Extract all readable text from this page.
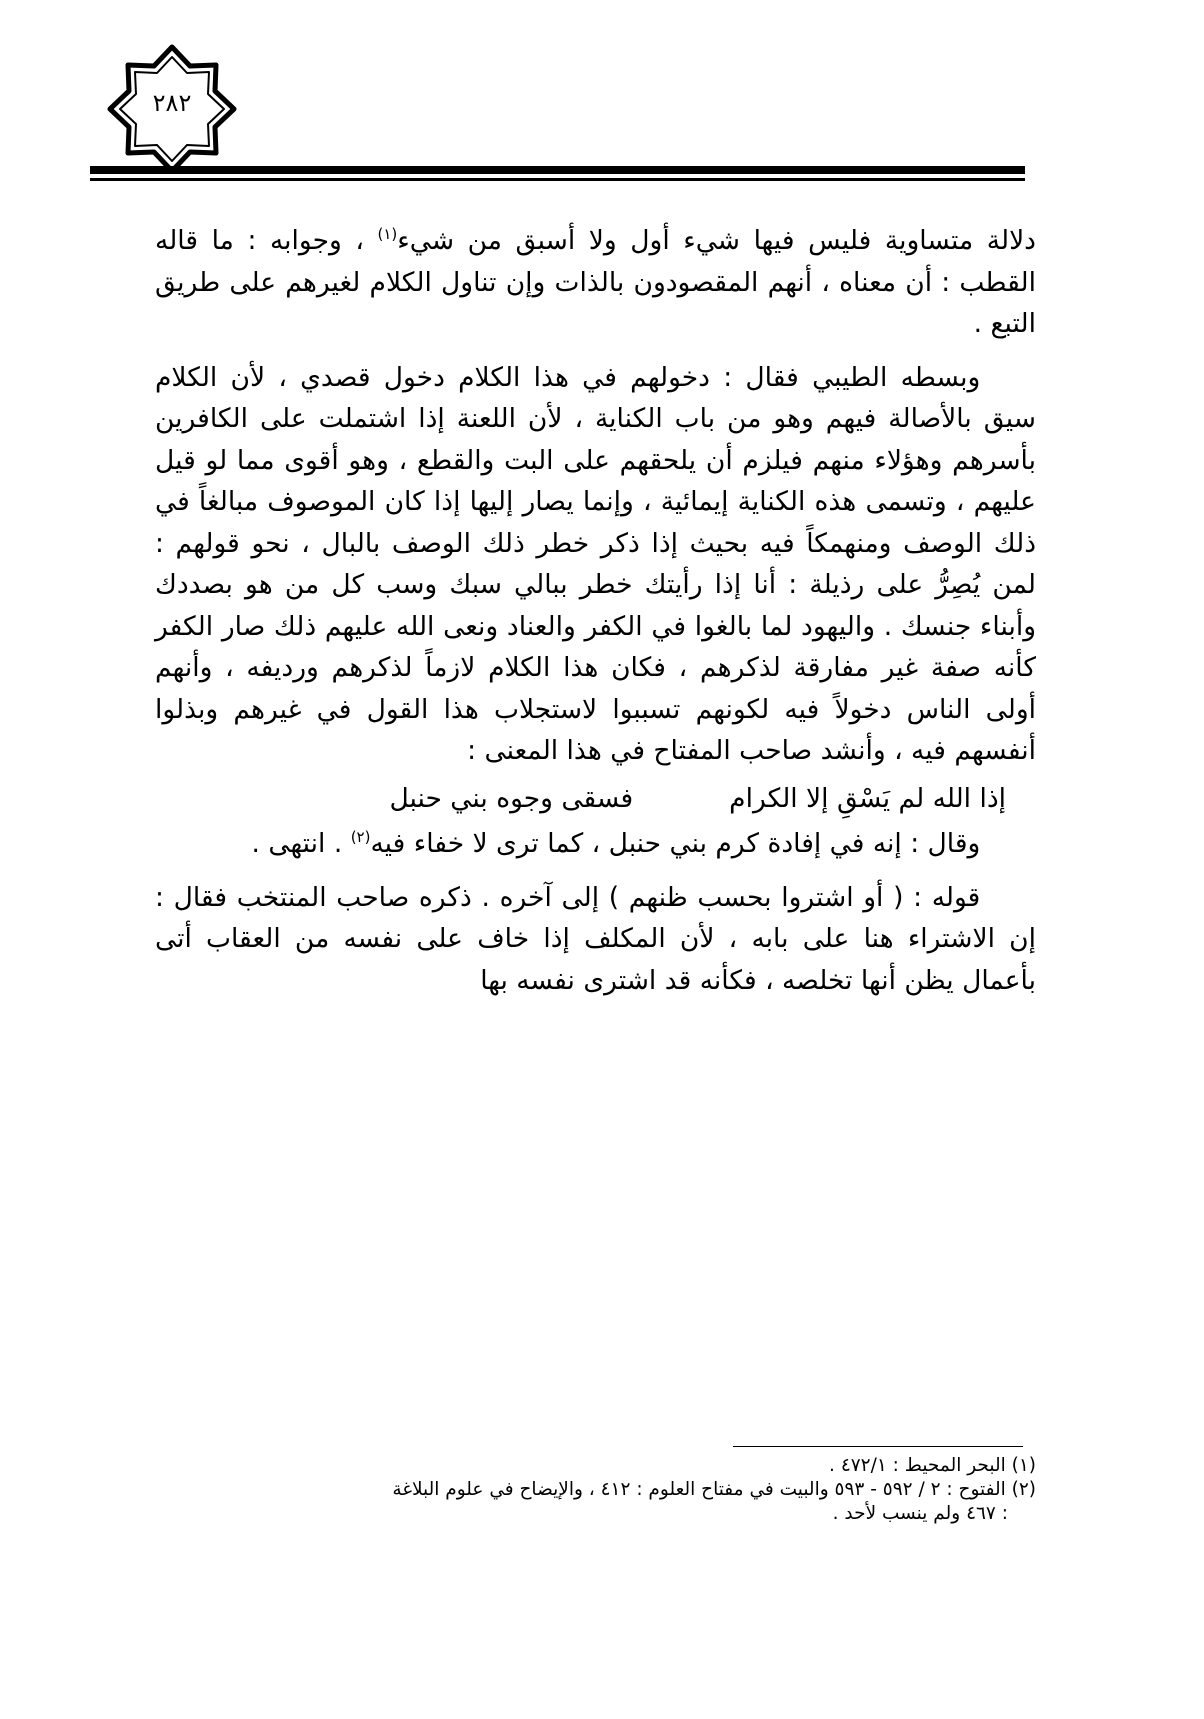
٢٨٢

دلالة متساوية فليس فيها شيء أول ولا أسبق من شيء$^{(١)}$ ، وجوابه : ما قاله القطب : أن معناه ، أنهم المقصودون بالذات وإن تناول الكلام لغيرهم على طريق التبع .

وبسطه الطيبي فقال : دخولهم في هذا الكلام دخول قصدي ، لأن الكلام سيق بالأصالة فيهم وهو من باب الكناية ، لأن اللعنة إذا اشتملت على الكافرين بأسرهم وهؤلاء منهم فيلزم أن يلحقهم على البت والقطع ، وهو أقوى مما لو قيل عليهم ، وتسمى هذه الكناية إيمائية ، وإنما يصار إليها إذا كان الموصوف مبالغاً في ذلك الوصف ومنهمكاً فيه بحيث إذا ذكر خطر ذلك الوصف بالبال ، نحو قولهم : لمن يُصِرُّ على رذيلة : أنا إذا رأيتك خطر ببالي سبك وسب كل من هو بصددك وأبناء جنسك . واليهود لما بالغوا في الكفر والعناد ونعى الله عليهم ذلك صار الكفر كأنه صفة غير مفارقة لذكرهم ، فكان هذا الكلام لازماً لذكرهم ورديفه ، وأنهم أولى الناس دخولاً فيه لكونهم تسببوا لاستجلاب هذا القول في غيرهم وبذلوا أنفسهم فيه ، وأنشد صاحب المفتاح في هذا المعنى :

إذا الله لم يَسْقِ إلا الكرام
فسقى وجوه بني حنبل

وقال : إنه في إفادة كرم بني حنبل ، كما ترى لا خفاء فيه$^{(٢)}$ . انتهى .

قوله : ( أو اشتروا بحسب ظنهم ) إلى آخره . ذكره صاحب المنتخب فقال : إن الاشتراء هنا على بابه ، لأن المكلف إذا خاف على نفسه من العقاب أتى بأعمال يظن أنها تخلصه ، فكأنه قد اشترى نفسه بها

(١) البحر المحيط : ٤٧٢/١ .

(٢) الفتوح : ٢ / ٥٩٢ - ٥٩٣ والبيت في مفتاح العلوم : ٤١٢ ، والإيضاح في علوم البلاغة

: ٤٦٧ ولم ينسب لأحد .
